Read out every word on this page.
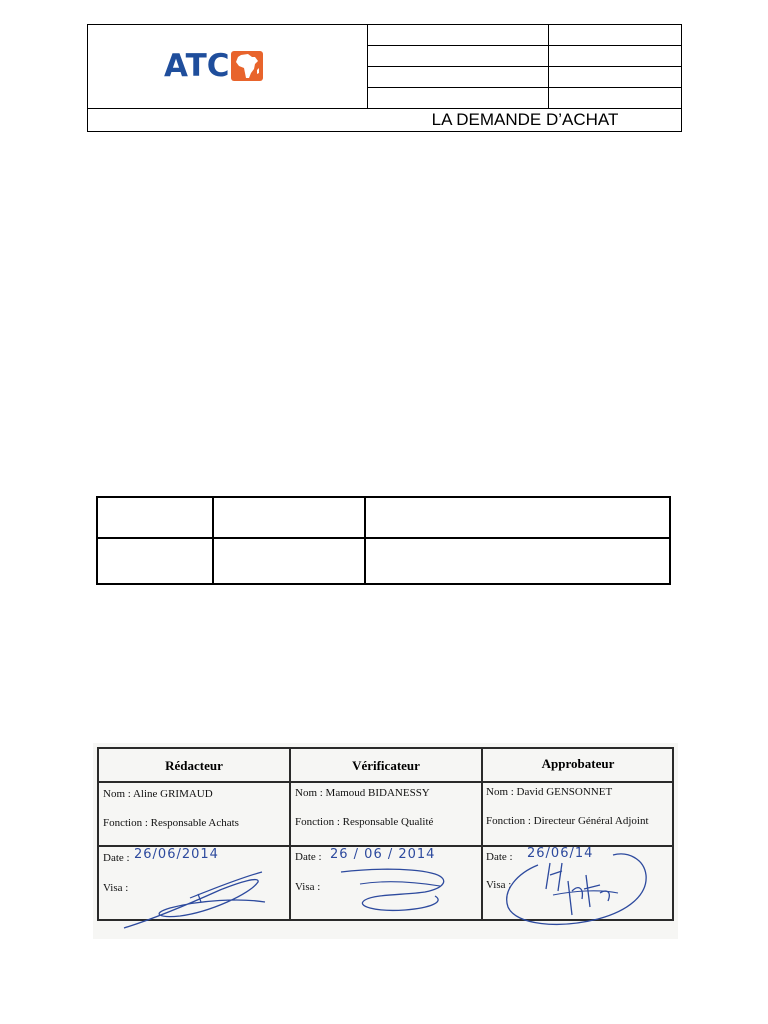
ATC
LA DEMANDE D’ACHAT
Rédacteur	Vérificateur	Approbateur
Nom : Aline GRIMAUD
Fonction : Responsable Achats
Nom : Mamoud BIDANESSY
Fonction : Responsable Qualité
Nom : David GENSONNET
Fonction : Directeur Général Adjoint
Date : 26/06/2014
Visa :
Date : 26 / 06 / 2014
Visa :
Date : 26/06/14
Visa :
